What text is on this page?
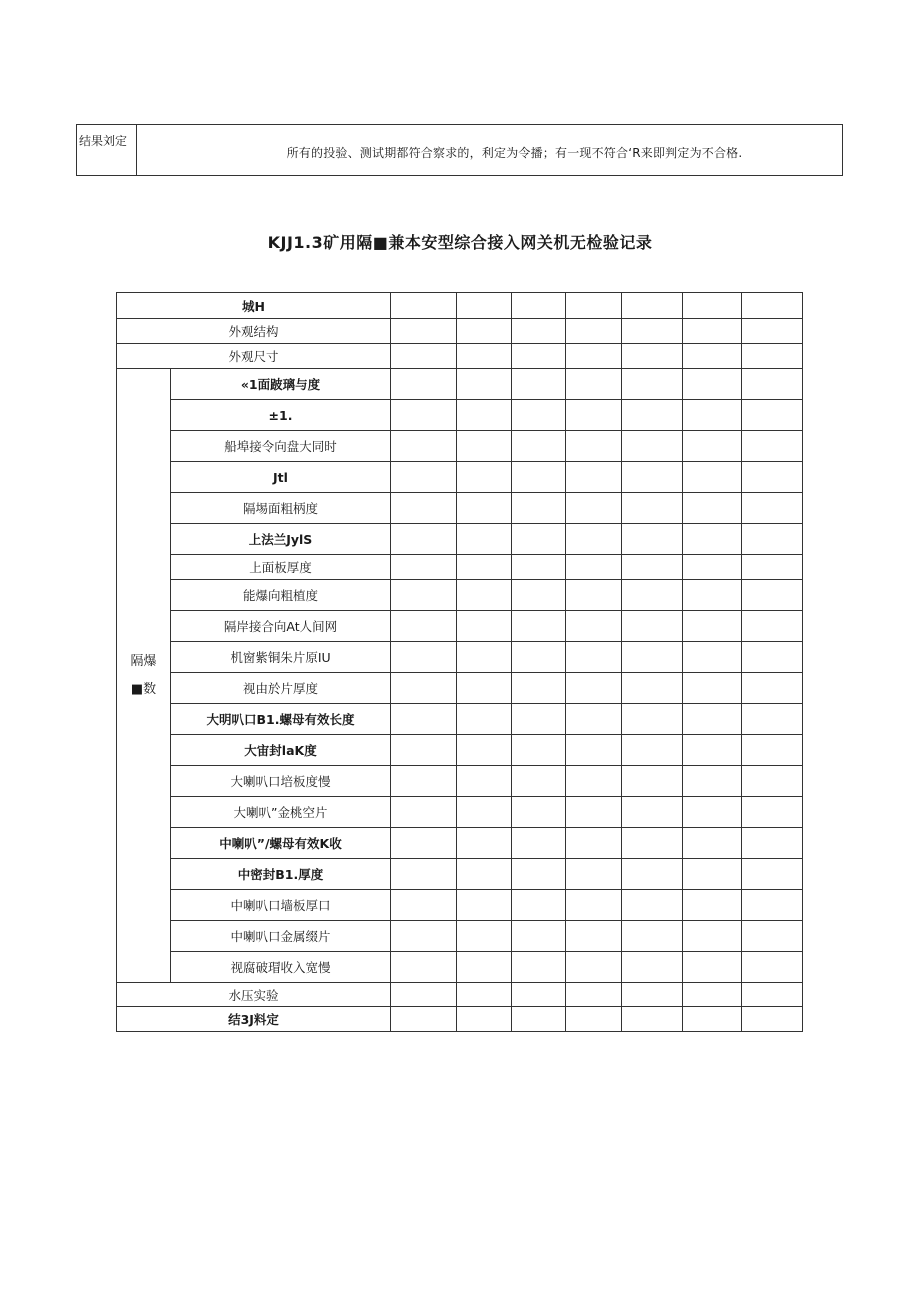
结果刘定
所有的投验、测试期都符合察求的，利定为令播；有一现不符合‘R来即判定为不合格.
KJJ1.3矿用隔■兼本安型综合接入网关机无检验记录
城H								
外观结构								
外观尺寸								

隔爆
■数	«1面跛璃与度							
	±1.							
	船埠接令向盘大同时							
	Jtl							
	隔埸面粗柄度							
	上法兰JylS							
	上面板厚度							
	能爆向粗植度							
	隔岸接合向At人间网							
	机窗紫铜朱片原IU							
	视由於片厚度							
	大明叭口B1.螺母有效长度							
	大宙封laK度							
	大喇叭口培板度慢							
	大喇叭”金桃空片							
	中喇叭”/螺母有效K收							
	中密封B1.厚度							
	中喇叭口墙板厚口							
	中喇叭口金属缀片							
	视腐破瑁收入宽慢							
水压实验								
结3J料定								
